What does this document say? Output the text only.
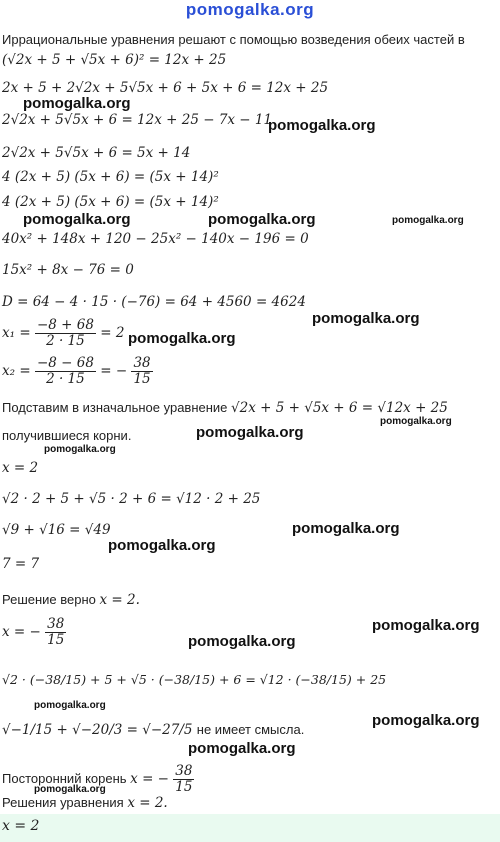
pomogalka.org
Иррациональные уравнения решают с помощью возведения обеих частей в
(√2x + 5 + √5x + 6)² = 12x + 25
2x + 5 + 2√2x + 5√5x + 6 + 5x + 6 = 12x + 25
2√2x + 5√5x + 6 = 12x + 25 − 7x − 11
2√2x + 5√5x + 6 = 5x + 14
4 (2x + 5) (5x + 6) = (5x + 14)²
4 (2x + 5) (5x + 6) = (5x + 14)²
40x² + 148x + 120 − 25x² − 140x − 196 = 0
15x² + 8x − 76 = 0
D = 64 − 4 · 15 · (−76) = 64 + 4560 = 4624
$x_1 = \frac{-8 + 68}{2 \cdot 15} = 2$
$x_2 = \frac{-8 - 68}{2 \cdot 15}$ = − $\frac{38}{15}$
Подставим в изначальное уравнение √2x + 5 + √5x + 6 = √12x + 25
получившиеся корни.
x = 2
√2 · 2 + 5 + √5 · 2 + 6 = √12 · 2 + 25
√9 + √16 = √49
7 = 7
Решение верно x = 2.
x = − $\frac{38}{15}$
√2 · (−38/15) + 5 + √5 · (−38/15) + 6 = √12 · (−38/15) + 25
√−1/15 + √−20/3 = √−27/5 не имеет смысла.
Посторонний корень x = − $\frac{38}{15}$
Решения уравнения x = 2.
x = 2
pomogalka.org
pomogalka.org
pomogalka.org	pomogalka.org	pomogalka.org
pomogalka.org
pomogalka.org
pomogalka.org
pomogalka.org
pomogalka.org
pomogalka.org
pomogalka.org
pomogalka.org
pomogalka.org
pomogalka.org
pomogalka.org
pomogalka.org
pomogalka.org
